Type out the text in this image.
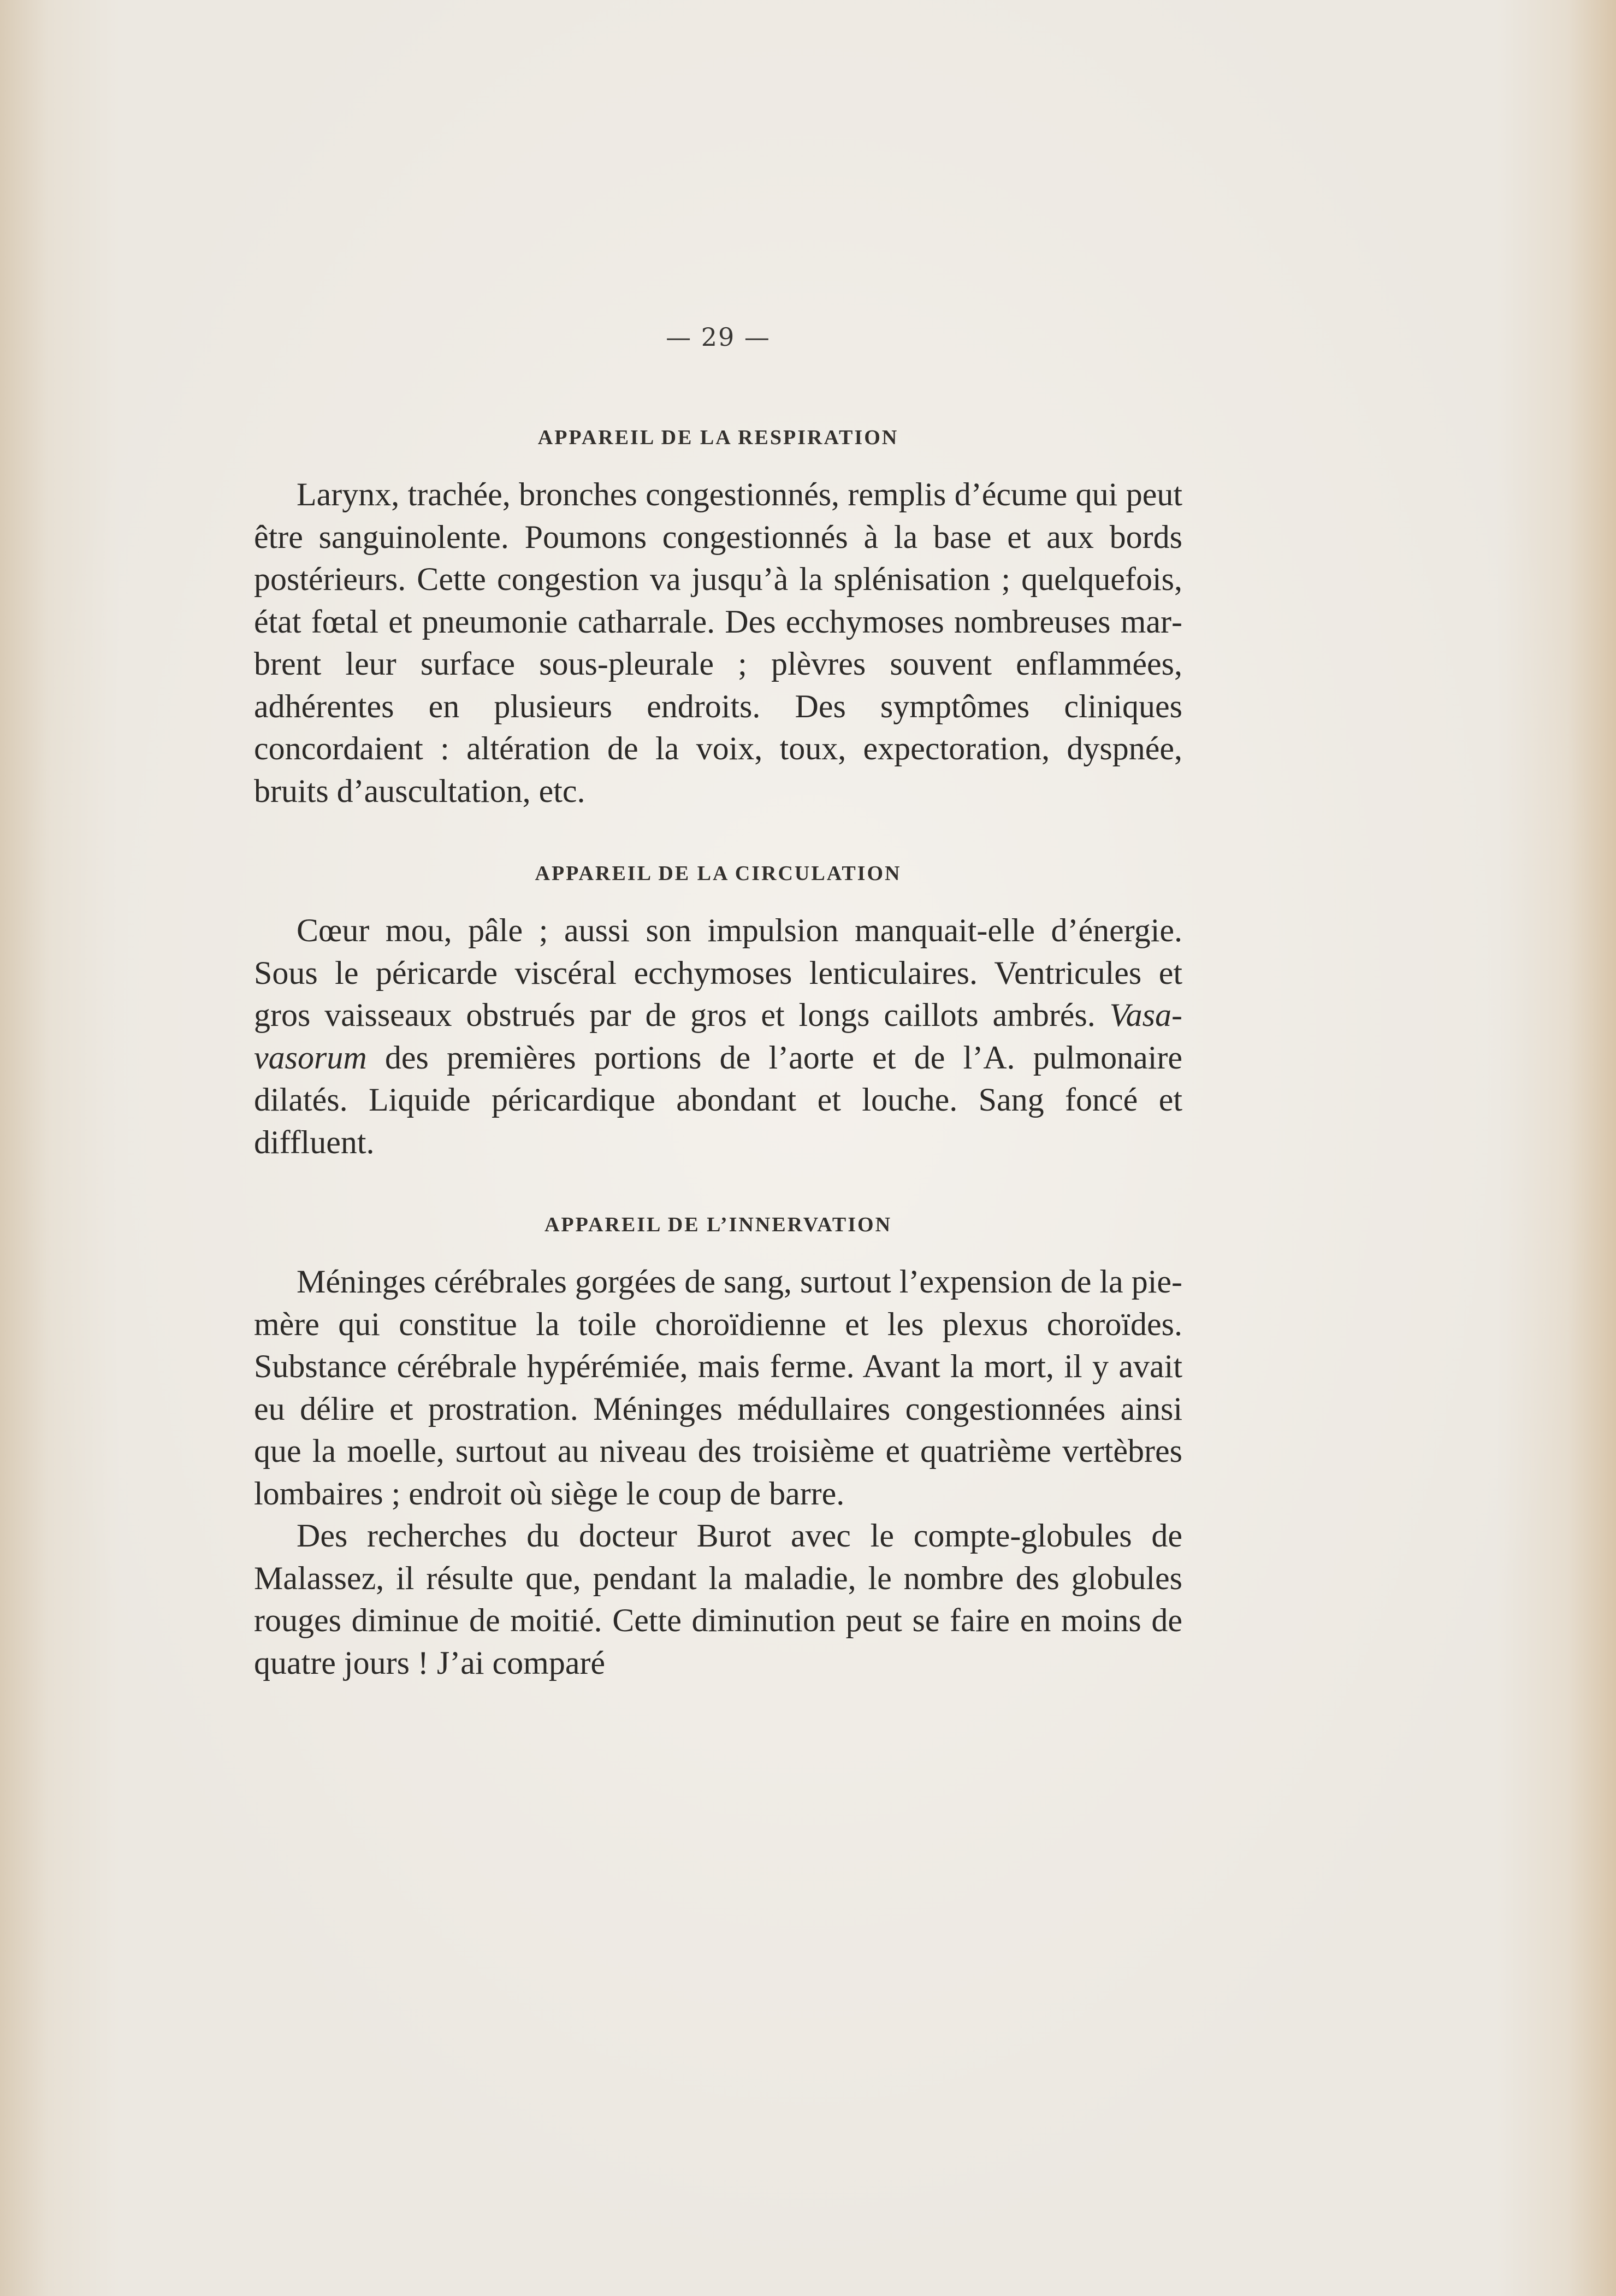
— 29 —

APPAREIL DE LA RESPIRATION

Larynx, trachée, bronches congestionnés, remplis d’écume qui peut être sanguinolente. Poumons congestionnés à la base et aux bords postérieurs. Cette congestion va jusqu’à la splénisation ; quelquefois, état fœtal et pneumonie catharrale. Des ecchymoses nombreuses marbrent leur surface sous-pleurale ; plèvres souvent enflammées, adhérentes en plusieurs endroits. Des symptômes cliniques concordaient : altération de la voix, toux, expectoration, dyspnée, bruits d’auscultation, etc.

APPAREIL DE LA CIRCULATION

Cœur mou, pâle ; aussi son impulsion manquait-elle d’énergie. Sous le péricarde viscéral ecchymoses lenticulaires. Ventricules et gros vaisseaux obstrués par de gros et longs caillots ambrés. Vasa-vasorum des premières portions de l’aorte et de l’A. pulmonaire dilatés. Liquide péricardique abondant et louche. Sang foncé et diffluent.

APPAREIL DE L’INNERVATION

Méninges cérébrales gorgées de sang, surtout l’expension de la pie-mère qui constitue la toile choroïdienne et les plexus choroïdes. Substance cérébrale hypérémiée, mais ferme. Avant la mort, il y avait eu délire et prostration. Méninges médullaires congestionnées ainsi que la moelle, surtout au niveau des troisième et quatrième vertèbres lombaires ; endroit où siège le coup de barre.

Des recherches du docteur Burot avec le compte-globules de Malassez, il résulte que, pendant la maladie, le nombre des globules rouges diminue de moitié. Cette diminution peut se faire en moins de quatre jours ! J’ai comparé
